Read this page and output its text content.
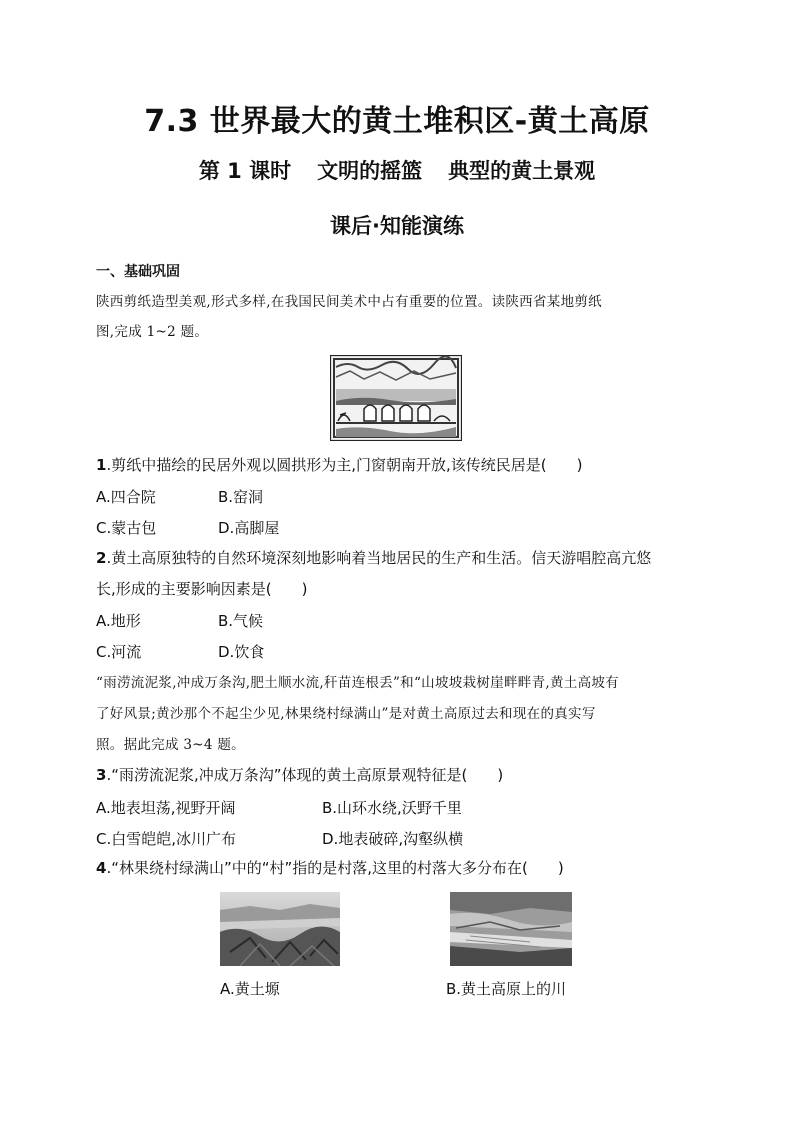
7.3 世界最大的黄土堆积区-黄土高原
第 1 课时 文明的摇篮 典型的黄土景观
课后·知能演练
一、基础巩固
陕西剪纸造型美观,形式多样,在我国民间美术中占有重要的位置。读陕西省某地剪纸
图,完成 1~2 题。
1.剪纸中描绘的民居外观以圆拱形为主,门窗朝南开放,该传统民居是(　　)
A.四合院	B.窑洞
C.蒙古包	D.高脚屋
2.黄土高原独特的自然环境深刻地影响着当地居民的生产和生活。信天游唱腔高亢悠
长,形成的主要影响因素是(　　)
A.地形	B.气候
C.河流	D.饮食
“雨涝流泥浆,冲成万条沟,肥土顺水流,秆苗连根丢”和“山坡坡栽树崖畔畔青,黄土高坡有
了好风景;黄沙那个不起尘少见,林果绕村绿满山”是对黄土高原过去和现在的真实写
照。据此完成 3~4 题。
3.“雨涝流泥浆,冲成万条沟”体现的黄土高原景观特征是(　　)
A.地表坦荡,视野开阔	B.山环水绕,沃野千里
C.白雪皑皑,冰川广布	D.地表破碎,沟壑纵横
4.“林果绕村绿满山”中的“村”指的是村落,这里的村落大多分布在(　　)
A.黄土塬	B.黄土高原上的川
